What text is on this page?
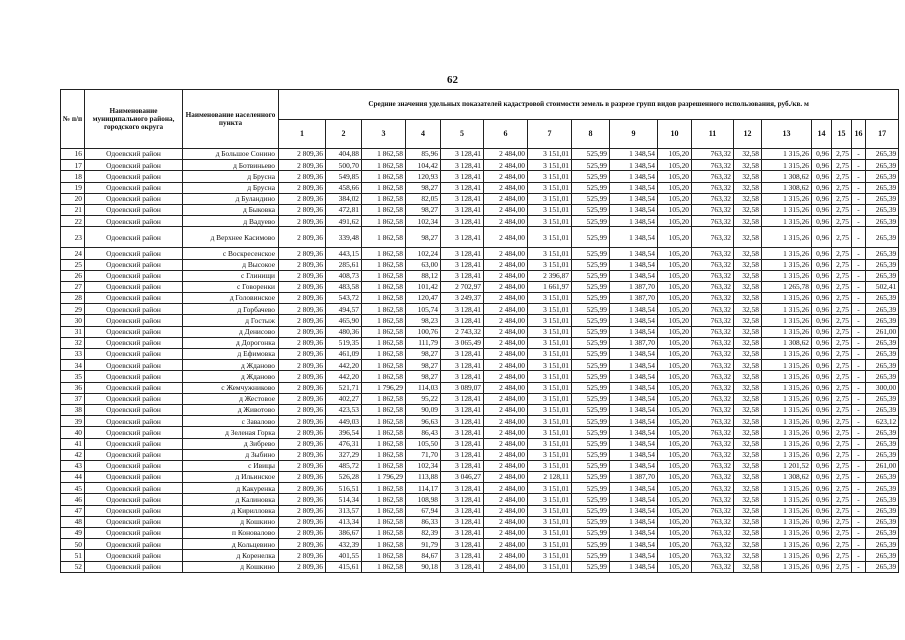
62
№ п/п	Наименование муниципального района, городского округа	Наименование населенного пункта	Средние значения удельных показателей кадастровой стоимости земель в разрезе групп видов разрешенного использования, руб./кв. м																
			1	2	3	4	5	6	7	8	9	10	11	12	13	14	15	16	17
16	Одоевский район	д Большое Сонино	2 809,36	404,88	1 862,58	85,96	3 128,41	2 484,00	3 151,01	525,99	1 348,54	105,20	763,32	32,58	1 315,26	0,96	2,75	-	265,39
17	Одоевский район	д Ботвиньево	2 809,36	500,70	1 862,58	104,42	3 128,41	2 484,00	3 151,01	525,99	1 348,54	105,20	763,32	32,58	1 315,26	0,96	2,75	-	265,39
18	Одоевский район	д Брусна	2 809,36	549,85	1 862,58	120,93	3 128,41	2 484,00	3 151,01	525,99	1 348,54	105,20	763,32	32,58	1 308,62	0,96	2,75	-	265,39
19	Одоевский район	д Брусна	2 809,36	458,66	1 862,58	98,27	3 128,41	2 484,00	3 151,01	525,99	1 348,54	105,20	763,32	32,58	1 308,62	0,96	2,75	-	265,39
20	Одоевский район	д Буландино	2 809,36	384,02	1 862,58	82,05	3 128,41	2 484,00	3 151,01	525,99	1 348,54	105,20	763,32	32,58	1 315,26	0,96	2,75	-	265,39
21	Одоевский район	д Быковка	2 809,36	472,81	1 862,58	98,27	3 128,41	2 484,00	3 151,01	525,99	1 348,54	105,20	763,32	32,58	1 315,26	0,96	2,75	-	265,39
22	Одоевский район	д Вадуево	2 809,36	491,62	1 862,58	102,34	3 128,41	2 484,00	3 151,01	525,99	1 348,54	105,20	763,32	32,58	1 315,26	0,96	2,75	-	265,39
23	Одоевский район	д Верхнее Касимово	2 809,36	339,48	1 862,58	98,27	3 128,41	2 484,00	3 151,01	525,99	1 348,54	105,20	763,32	32,58	1 315,26	0,96	2,75	-	265,39
24	Одоевский район	с Воскресенское	2 809,36	443,15	1 862,58	102,24	3 128,41	2 484,00	3 151,01	525,99	1 348,54	105,20	763,32	32,58	1 315,26	0,96	2,75	-	265,39
25	Одоевский район	д Высокое	2 809,36	285,61	1 862,58	63,00	3 128,41	2 484,00	3 151,01	525,99	1 348,54	105,20	763,32	32,58	1 315,26	0,96	2,75	-	265,39
26	Одоевский район	с Глинищи	2 809,36	408,73	1 862,58	88,12	3 128,41	2 484,00	2 396,87	525,99	1 348,54	105,20	763,32	32,58	1 315,26	0,96	2,75	-	265,39
27	Одоевский район	с Говоренки	2 809,36	483,58	1 862,58	101,42	2 702,97	2 484,00	1 661,97	525,99	1 387,70	105,20	763,32	32,58	1 265,78	0,96	2,75	-	502,41
28	Одоевский район	д Головинское	2 809,36	543,72	1 862,58	120,47	3 249,37	2 484,00	3 151,01	525,99	1 387,70	105,20	763,32	32,58	1 315,26	0,96	2,75	-	265,39
29	Одоевский район	д Горбачево	2 809,36	494,57	1 862,58	105,74	3 128,41	2 484,00	3 151,01	525,99	1 348,54	105,20	763,32	32,58	1 315,26	0,96	2,75	-	265,39
30	Одоевский район	д Гостыж	2 809,36	465,90	1 862,58	98,23	3 128,41	2 484,00	3 151,01	525,99	1 348,54	105,20	763,32	32,58	1 315,26	0,96	2,75	-	265,39
31	Одоевский район	д Денисово	2 809,36	480,36	1 862,58	100,76	2 743,32	2 484,00	3 151,01	525,99	1 348,54	105,20	763,32	32,58	1 315,26	0,96	2,75	-	261,00
32	Одоевский район	д Дорогонка	2 809,36	519,35	1 862,58	111,79	3 065,49	2 484,00	3 151,01	525,99	1 387,70	105,20	763,32	32,58	1 308,62	0,96	2,75	-	265,39
33	Одоевский район	д Ефимовка	2 809,36	461,09	1 862,58	98,27	3 128,41	2 484,00	3 151,01	525,99	1 348,54	105,20	763,32	32,58	1 315,26	0,96	2,75	-	265,39
34	Одоевский район	д Жданово	2 809,36	442,20	1 862,58	98,27	3 128,41	2 484,00	3 151,01	525,99	1 348,54	105,20	763,32	32,58	1 315,26	0,96	2,75	-	265,39
35	Одоевский район	д Жданово	2 809,36	442,20	1 862,58	98,27	3 128,41	2 484,00	3 151,01	525,99	1 348,54	105,20	763,32	32,58	1 315,26	0,96	2,75	-	265,39
36	Одоевский район	с Жемчужниково	2 809,36	521,71	1 796,29	114,03	3 089,07	2 484,00	3 151,01	525,99	1 348,54	105,20	763,32	32,58	1 315,26	0,96	2,75	-	300,00
37	Одоевский район	д Жестовое	2 809,36	402,27	1 862,58	95,22	3 128,41	2 484,00	3 151,01	525,99	1 348,54	105,20	763,32	32,58	1 315,26	0,96	2,75	-	265,39
38	Одоевский район	д Животово	2 809,36	423,53	1 862,58	90,09	3 128,41	2 484,00	3 151,01	525,99	1 348,54	105,20	763,32	32,58	1 315,26	0,96	2,75	-	265,39
39	Одоевский район	с Завалово	2 809,36	449,03	1 862,58	96,63	3 128,41	2 484,00	3 151,01	525,99	1 348,54	105,20	763,32	32,58	1 315,26	0,96	2,75	-	623,12
40	Одоевский район	д Зеленая Горка	2 809,36	396,54	1 862,58	86,43	3 128,41	2 484,00	3 151,01	525,99	1 348,54	105,20	763,32	32,58	1 315,26	0,96	2,75	-	265,39
41	Одоевский район	д Зибрево	2 809,36	476,31	1 862,58	105,50	3 128,41	2 484,00	3 151,01	525,99	1 348,54	105,20	763,32	32,58	1 315,26	0,96	2,75	-	265,39
42	Одоевский район	д Зыбино	2 809,36	327,29	1 862,58	71,70	3 128,41	2 484,00	3 151,01	525,99	1 348,54	105,20	763,32	32,58	1 315,26	0,96	2,75	-	265,39
43	Одоевский район	с Ивицы	2 809,36	485,72	1 862,58	102,34	3 128,41	2 484,00	3 151,01	525,99	1 348,54	105,20	763,32	32,58	1 201,52	0,96	2,75	-	261,00
44	Одоевский район	д Ильинское	2 809,36	526,28	1 796,29	113,88	3 046,27	2 484,00	2 128,11	525,99	1 387,70	105,20	763,32	32,58	1 308,62	0,96	2,75	-	265,39
45	Одоевский район	д Какуренка	2 809,36	516,51	1 862,58	114,17	3 128,41	2 484,00	3 151,01	525,99	1 348,54	105,20	763,32	32,58	1 315,26	0,96	2,75	-	265,39
46	Одоевский район	д Калиновка	2 809,36	514,34	1 862,58	108,98	3 128,41	2 484,00	3 151,01	525,99	1 348,54	105,20	763,32	32,58	1 315,26	0,96	2,75	-	265,39
47	Одоевский район	д Кирилловка	2 809,36	313,57	1 862,58	67,94	3 128,41	2 484,00	3 151,01	525,99	1 348,54	105,20	763,32	32,58	1 315,26	0,96	2,75	-	265,39
48	Одоевский район	д Кошкино	2 809,36	413,34	1 862,58	86,33	3 128,41	2 484,00	3 151,01	525,99	1 348,54	105,20	763,32	32,58	1 315,26	0,96	2,75	-	265,39
49	Одоевский район	п Коновалово	2 809,36	386,67	1 862,58	82,39	3 128,41	2 484,00	3 151,01	525,99	1 348,54	105,20	763,32	32,58	1 315,26	0,96	2,75	-	265,39
50	Одоевский район	д Кольцевино	2 809,36	432,39	1 862,58	91,79	3 128,41	2 484,00	3 151,01	525,99	1 348,54	105,20	763,32	32,58	1 315,26	0,96	2,75	-	265,39
51	Одоевский район	д Коренелка	2 809,36	401,55	1 862,58	84,67	3 128,41	2 484,00	3 151,01	525,99	1 348,54	105,20	763,32	32,58	1 315,26	0,96	2,75	-	265,39
52	Одоевский район	д Кошкино	2 809,36	415,61	1 862,58	90,18	3 128,41	2 484,00	3 151,01	525,99	1 348,54	105,20	763,32	32,58	1 315,26	0,96	2,75	-	265,39
